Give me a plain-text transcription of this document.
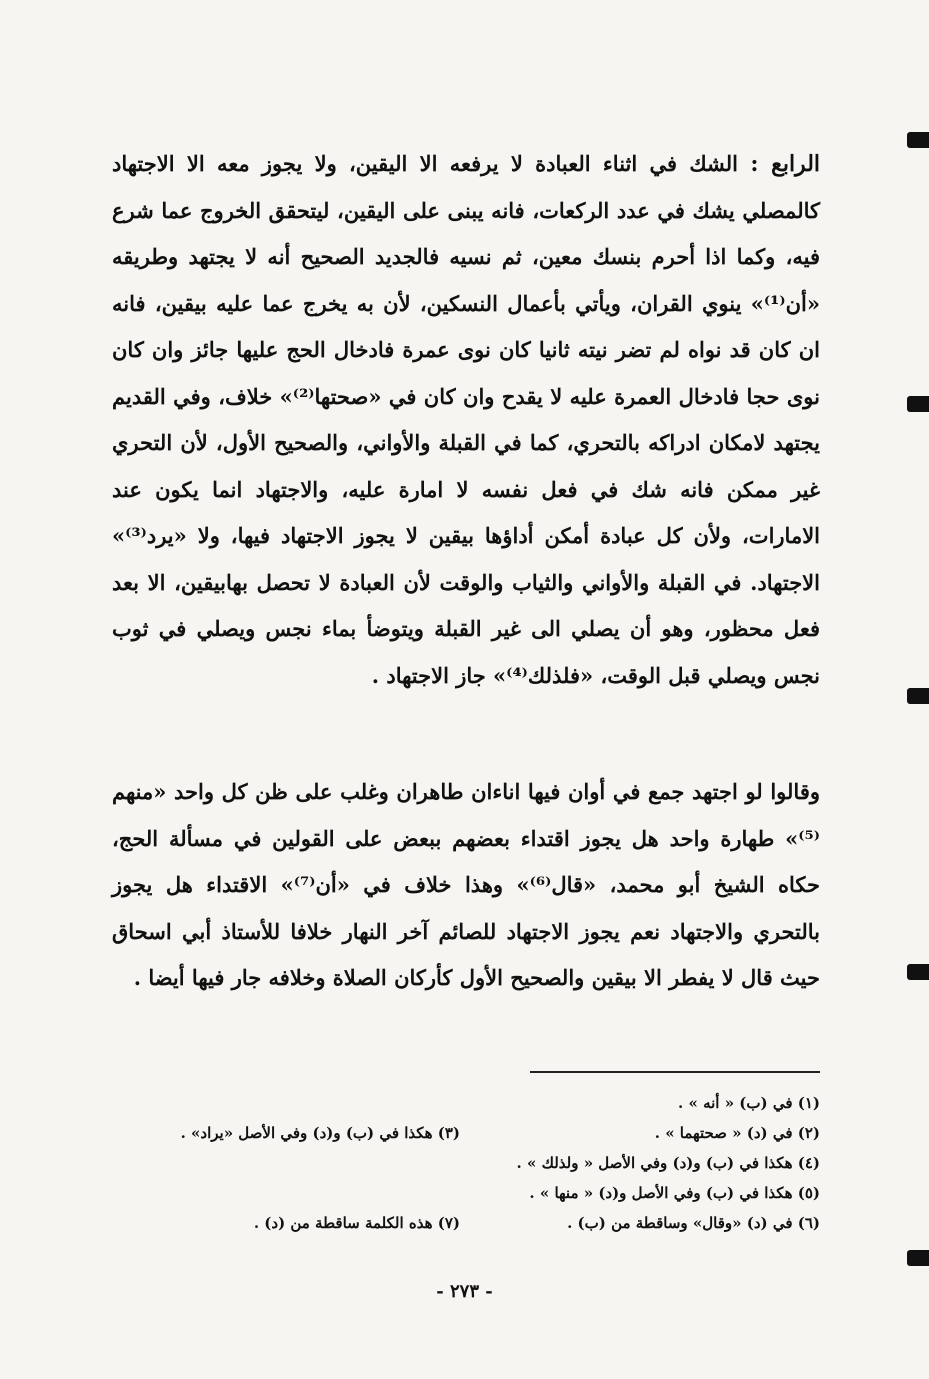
الرابع : الشك في اثناء العبادة لا يرفعه الا اليقين، ولا يجوز معه الا الاجتهاد كالمصلي يشك في عدد الركعات، فانه يبنى على اليقين، ليتحقق الخروج عما شرع فيه، وكما اذا أحرم بنسك معين، ثم نسيه فالجديد الصحيح أنه لا يجتهد وطريقه «أن⁽¹⁾» ينوي القران، ويأتي بأعمال النسكين، لأن به يخرج عما عليه بيقين، فانه ان كان قد نواه لم تضر نيته ثانيا كان نوى عمرة فادخال الحج عليها جائز وان كان نوى حجا فادخال العمرة عليه لا يقدح وان كان في «صحتها⁽²⁾» خلاف، وفي القديم يجتهد لامكان ادراكه بالتحري، كما في القبلة والأواني، والصحيح الأول، لأن التحري غير ممكن فانه شك في فعل نفسه لا امارة عليه، والاجتهاد انما يكون عند الامارات، ولأن كل عبادة أمكن أداؤها بيقين لا يجوز الاجتهاد فيها، ولا «يرد⁽³⁾» الاجتهاد. في القبلة والأواني والثياب والوقت لأن العبادة لا تحصل بهابيقين، الا بعد فعل محظور، وهو أن يصلي الى غير القبلة ويتوضأ بماء نجس ويصلي في ثوب نجس ويصلي قبل الوقت، «فلذلك⁽⁴⁾» جاز الاجتهاد .
وقالوا لو اجتهد جمع في أوان فيها اناءان طاهران وغلب على ظن كل واحد «منهم ⁽⁵⁾» طهارة واحد هل يجوز اقتداء بعضهم ببعض على القولين في مسألة الحج، حكاه الشيخ أبو محمد، «قال⁽⁶⁾» وهذا خلاف في «أن⁽⁷⁾» الاقتداء هل يجوز بالتحري والاجتهاد نعم يجوز الاجتهاد للصائم آخر النهار خلافا للأستاذ أبي اسحاق حيث قال لا يفطر الا بيقين والصحيح الأول كأركان الصلاة وخلافه جار فيها أيضا .
(١) في (ب) « أنه » .
(٢) في (د) « صحتهما » .
(٣) هكذا في (ب) و(د) وفي الأصل «يراد» .
(٤) هكذا في (ب) و(د) وفي الأصل « ولذلك » .
(٥) هكذا في (ب) وفي الأصل و(د) « منها » .
(٦) في (د) «وقال» وساقطة من (ب) .
(٧) هذه الكلمة ساقطة من (د) .
- ٢٧٣ -
